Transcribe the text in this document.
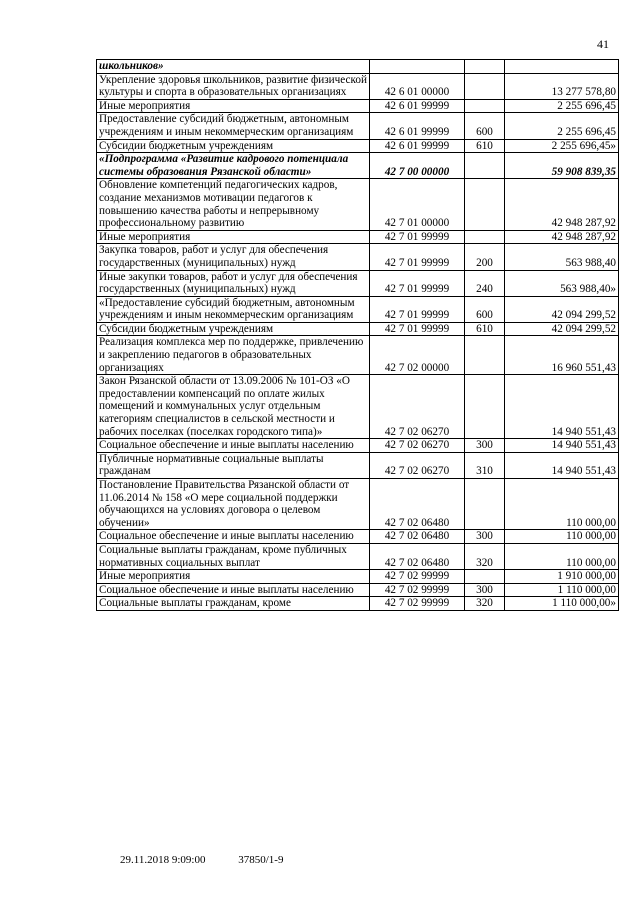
41
школьников»			
Укрепление здоровья школьников, развитие физической культуры и спорта в образовательных организациях	42 6 01 00000		13 277 578,80
Иные мероприятия	42 6 01 99999		2 255 696,45
Предоставление субсидий бюджетным, автономным учреждениям и иным некоммерческим организациям	42 6 01 99999	600	2 255 696,45
Субсидии бюджетным учреждениям	42 6 01 99999	610	2 255 696,45»
«Подпрограмма «Развитие кадрового потенциала системы образования Рязанской области»	42 7 00 00000		59 908 839,35
Обновление компетенций педагогических кадров, создание механизмов мотивации педагогов к повышению качества работы и непрерывному профессиональному развитию	42 7 01 00000		42 948 287,92
Иные мероприятия	42 7 01 99999		42 948 287,92
Закупка товаров, работ и услуг для обеспечения государственных (муниципальных) нужд	42 7 01 99999	200	563 988,40
Иные закупки товаров, работ и услуг для обеспечения государственных (муниципальных) нужд	42 7 01 99999	240	563 988,40»
«Предоставление субсидий бюджетным, автономным учреждениям и иным некоммерческим организациям	42 7 01 99999	600	42 094 299,52
Субсидии бюджетным учреждениям	42 7 01 99999	610	42 094 299,52
Реализация комплекса мер по поддержке, привлечению и закреплению педагогов в образовательных организациях	42 7 02 00000		16 960 551,43
Закон Рязанской области от 13.09.2006 № 101-ОЗ «О предоставлении компенсаций по оплате жилых помещений и коммунальных услуг отдельным категориям специалистов в сельской местности и рабочих поселках (поселках городского типа)»	42 7 02 06270		14 940 551,43
Социальное обеспечение и иные выплаты населению	42 7 02 06270	300	14 940 551,43
Публичные нормативные социальные выплаты гражданам	42 7 02 06270	310	14 940 551,43
Постановление Правительства Рязанской области от 11.06.2014 № 158 «О мере социальной поддержки обучающихся на условиях договора о целевом обучении»	42 7 02 06480		110 000,00
Социальное обеспечение и иные выплаты населению	42 7 02 06480	300	110 000,00
Социальные выплаты гражданам, кроме публичных нормативных социальных выплат	42 7 02 06480	320	110 000,00
Иные мероприятия	42 7 02 99999		1 910 000,00
Социальное обеспечение и иные выплаты населению	42 7 02 99999	300	1 110 000,00
Социальные выплаты гражданам, кроме	42 7 02 99999	320	1 110 000,00»
29.11.2018 9:09:00	37850/1-9
